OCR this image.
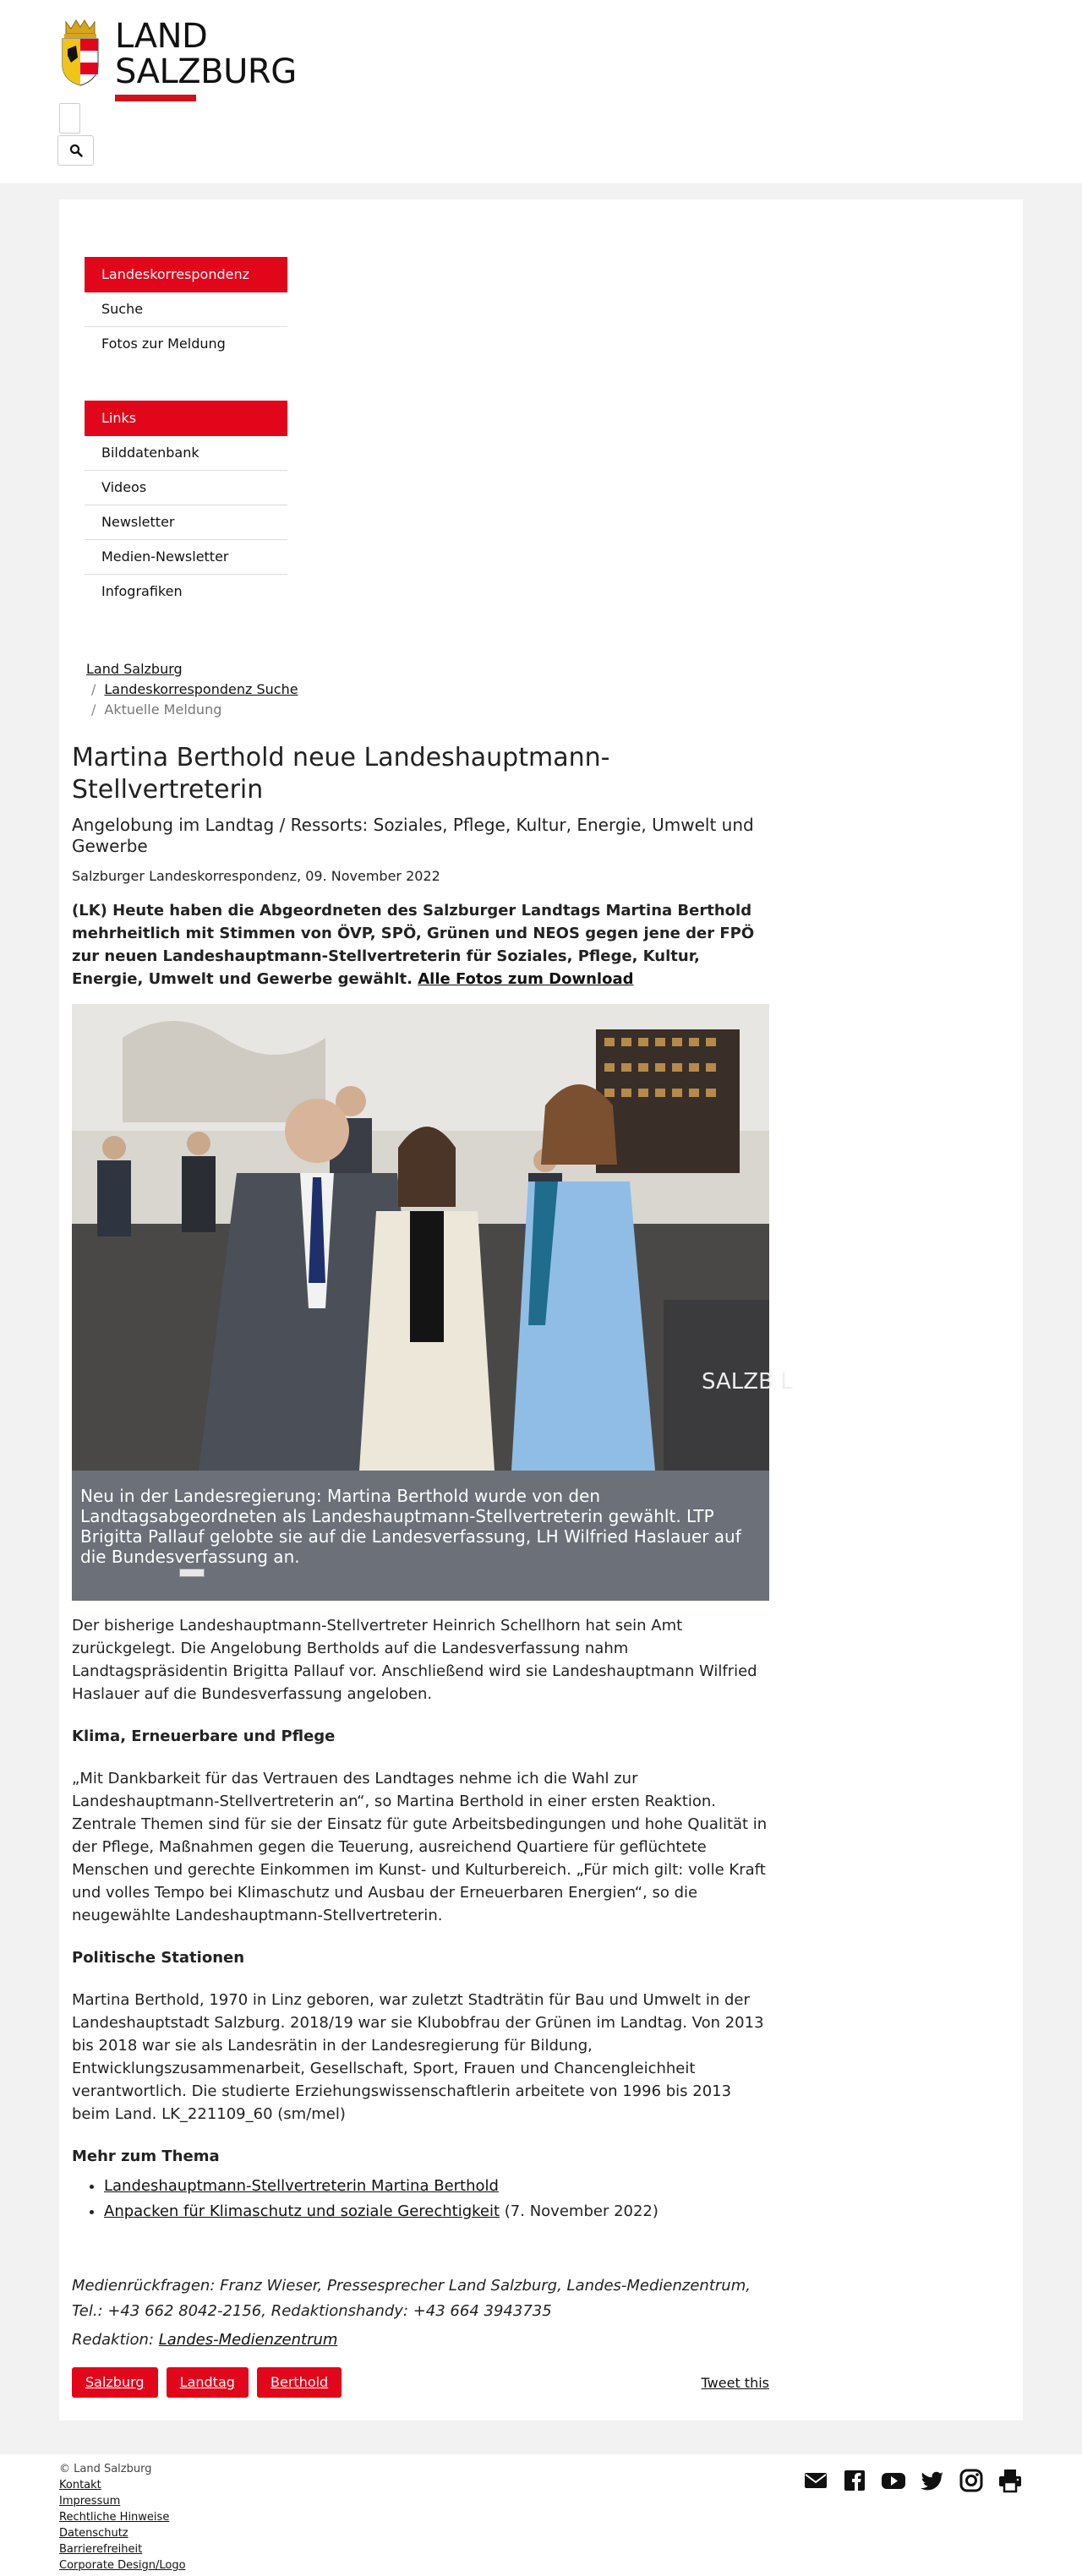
LAND
SALZBURG
Landeskorrespondenz
Suche
Fotos zur Meldung
Links
Bilddatenbank
Videos
Newsletter
Medien-Newsletter
Infografiken
Land Salzburg
/ Landeskorrespondenz Suche
/ Aktuelle Meldung
Martina Berthold neue Landeshauptmann-Stellvertreterin
Angelobung im Landtag / Ressorts: Soziales, Pflege, Kultur, Energie, Umwelt und Gewerbe
Salzburger Landeskorrespondenz, 09. November 2022
(LK) Heute haben die Abgeordneten des Salzburger Landtags Martina Berthold mehrheitlich mit Stimmen von ÖVP, SPÖ, Grünen und NEOS gegen jene der FPÖ zur neuen Landeshauptmann-Stellvertreterin für Soziales, Pflege, Kultur, Energie, Umwelt und Gewerbe gewählt. Alle Fotos zum Download
SALZB L
Neu in der Landesregierung: Martina Berthold wurde von den Landtagsabgeordneten als Landeshauptmann-Stellvertreterin gewählt. LTP Brigitta Pallauf gelobte sie auf die Landesverfassung, LH Wilfried Haslauer auf die Bundesverfassung an.

Der bisherige Landeshauptmann-Stellvertreter Heinrich Schellhorn hat sein Amt zurückgelegt. Die Angelobung Bertholds auf die Landesverfassung nahm Landtagspräsidentin Brigitta Pallauf vor. Anschließend wird sie Landeshauptmann Wilfried Haslauer auf die Bundesverfassung angeloben.

Klima, Erneuerbare und Pflege

„Mit Dankbarkeit für das Vertrauen des Landtages nehme ich die Wahl zur Landeshauptmann-Stellvertreterin an“, so Martina Berthold in einer ersten Reaktion. Zentrale Themen sind für sie der Einsatz für gute Arbeitsbedingungen und hohe Qualität in der Pflege, Maßnahmen gegen die Teuerung, ausreichend Quartiere für geflüchtete Menschen und gerechte Einkommen im Kunst- und Kulturbereich. „Für mich gilt: volle Kraft und volles Tempo bei Klimaschutz und Ausbau der Erneuerbaren Energien“, so die neugewählte Landeshauptmann-Stellvertreterin.

Politische Stationen

Martina Berthold, 1970 in Linz geboren, war zuletzt Stadträtin für Bau und Umwelt in der Landeshauptstadt Salzburg. 2018/19 war sie Klubobfrau der Grünen im Landtag. Von 2013 bis 2018 war sie als Landesrätin in der Landesregierung für Bildung, Entwicklungszusammenarbeit, Gesellschaft, Sport, Frauen und Chancengleichheit verantwortlich. Die studierte Erziehungswissenschaftlerin arbeitete von 1996 bis 2013 beim Land. LK_221109_60 (sm/mel)

Mehr zum Thema
• Landeshauptmann-Stellvertreterin Martina Berthold
• Anpacken für Klimaschutz und soziale Gerechtigkeit (7. November 2022)
Medienrückfragen: Franz Wieser, Pressesprecher Land Salzburg, Landes-Medienzentrum, Tel.: +43 662 8042-2156, Redaktionshandy: +43 664 3943735
Redaktion: Landes-Medienzentrum
Salzburg	Landtag	Berthold	Tweet this
© Land Salzburg
Kontakt
Impressum
Rechtliche Hinweise
Datenschutz
Barrierefreiheit
Corporate Design/Logo
